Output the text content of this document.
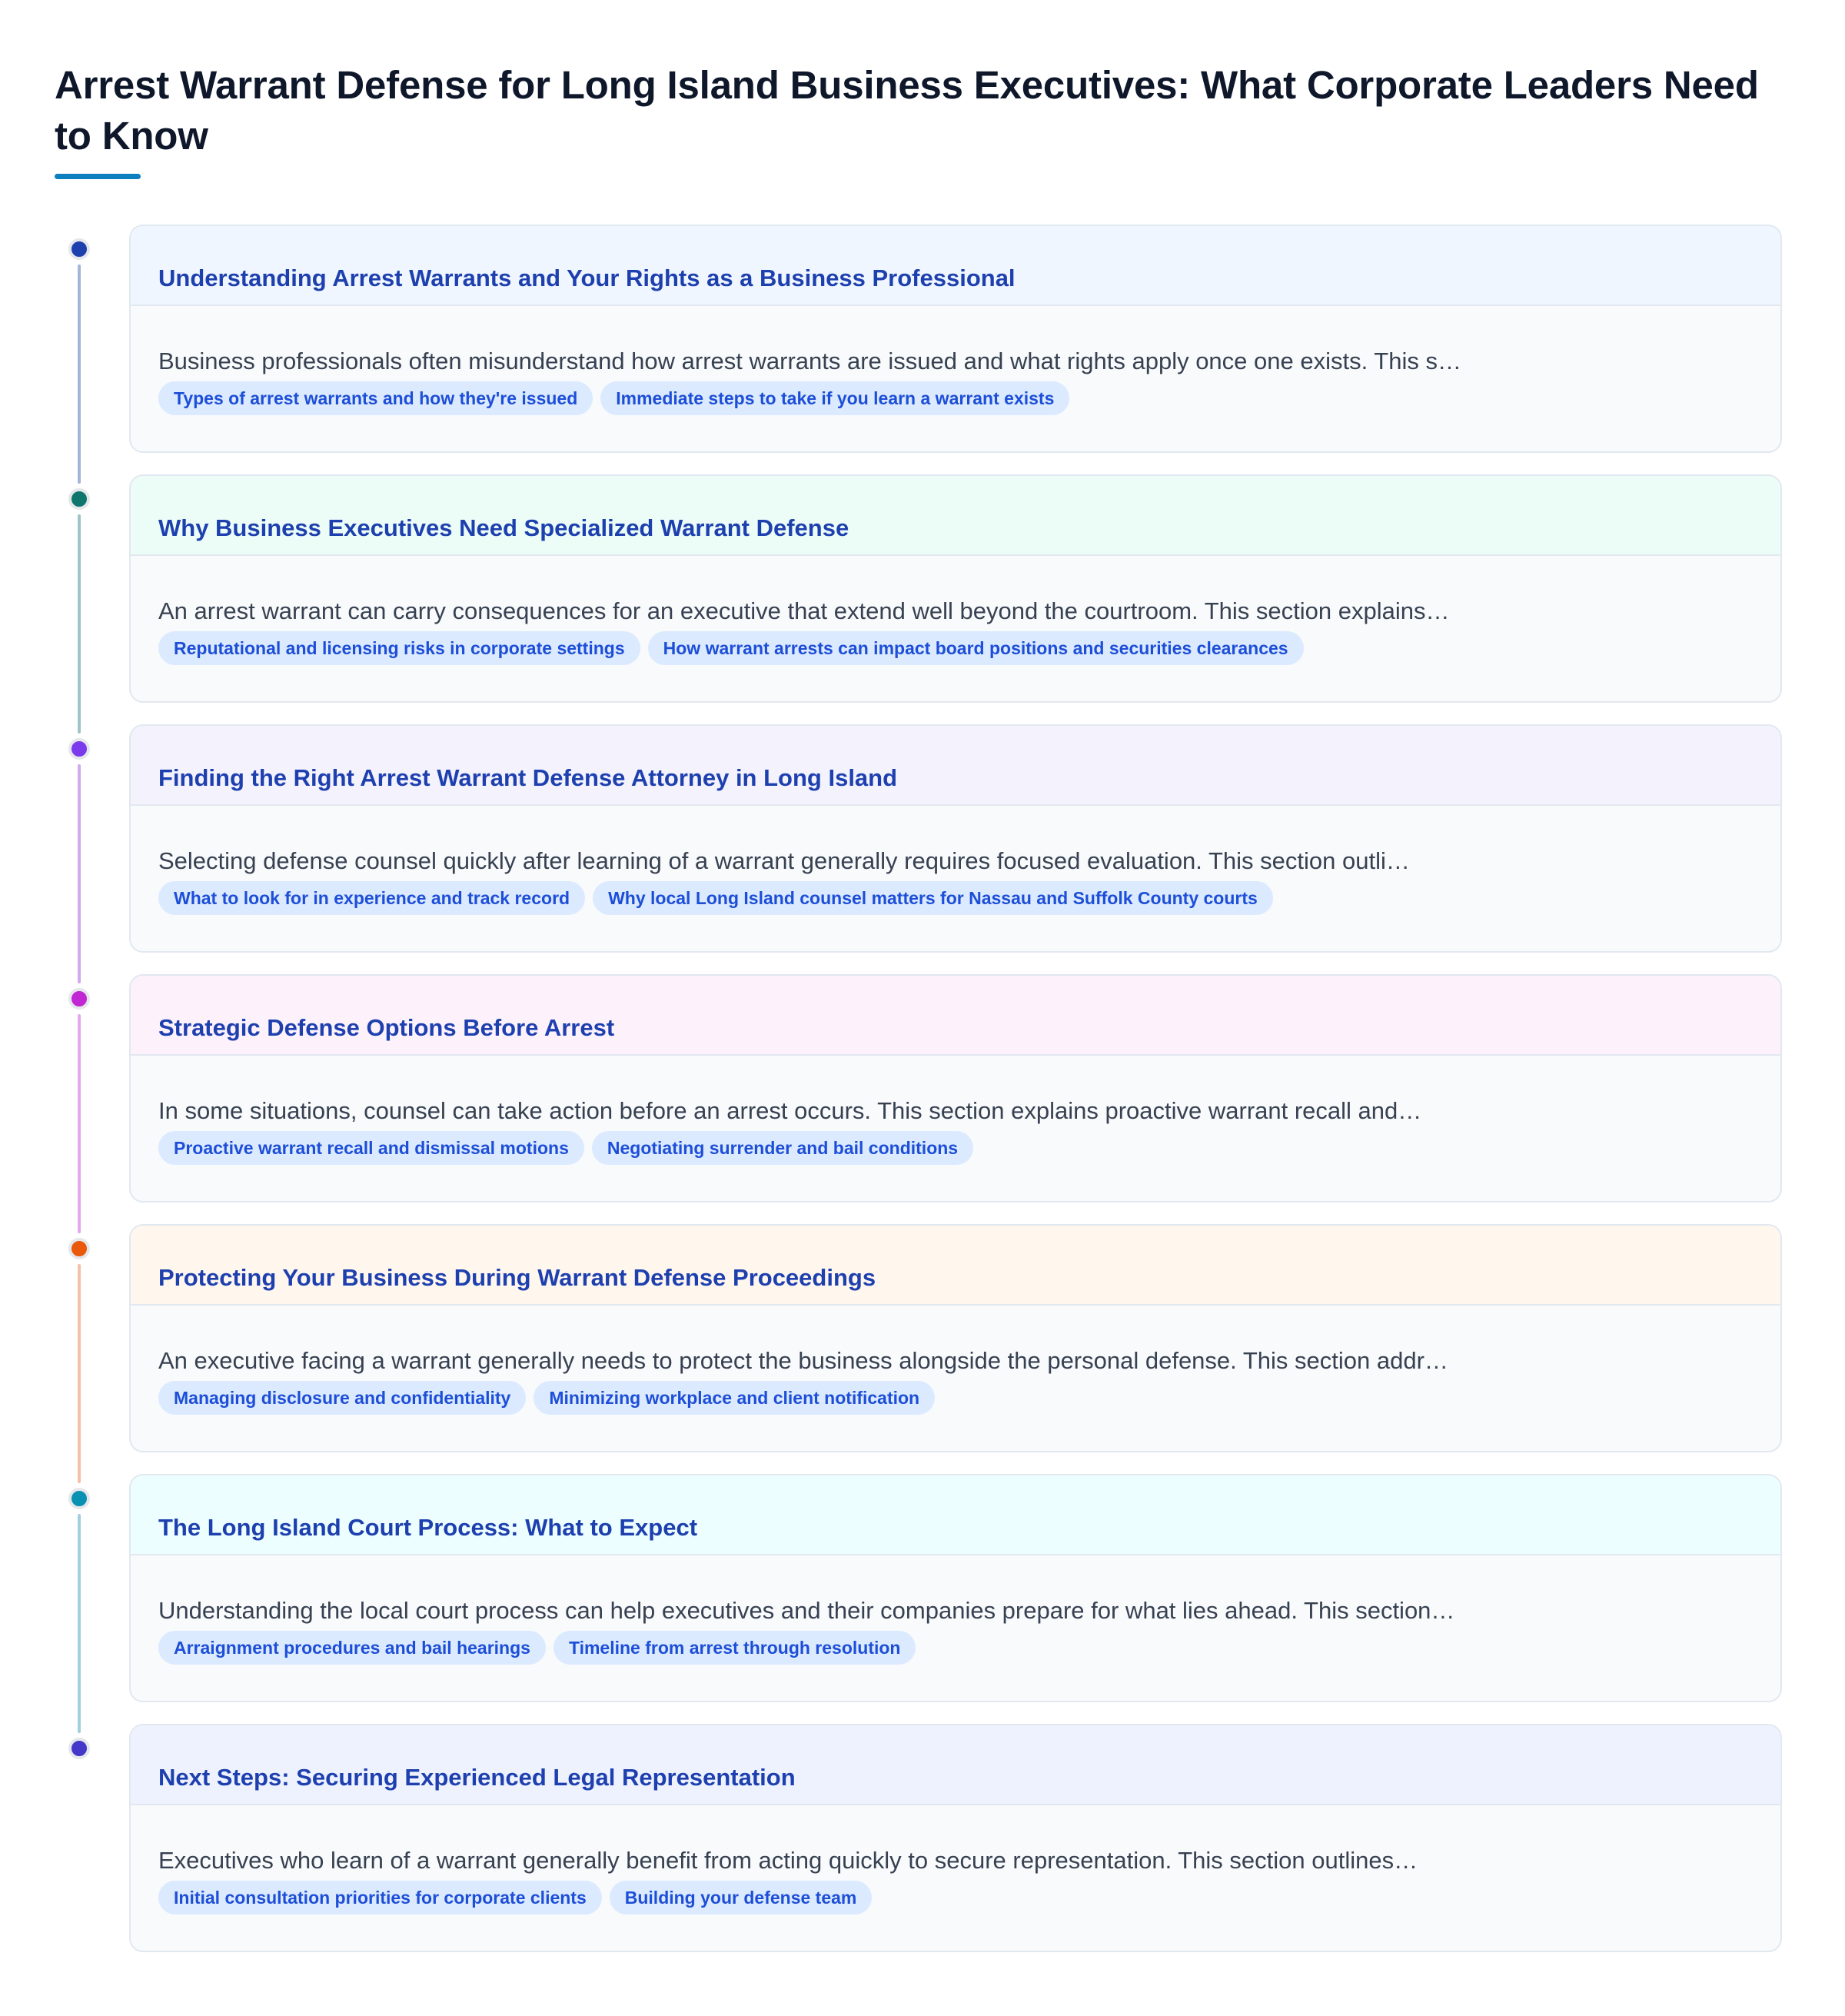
Arrest Warrant Defense for Long Island Business Executives: What Corporate Leaders Need to Know
Understanding Arrest Warrants and Your Rights as a Business Professional
Business professionals often misunderstand how arrest warrants are issued and what rights apply once one exists. This s…
Types of arrest warrants and how they're issued	Immediate steps to take if you learn a warrant exists
Why Business Executives Need Specialized Warrant Defense
An arrest warrant can carry consequences for an executive that extend well beyond the courtroom. This section explains…
Reputational and licensing risks in corporate settings	How warrant arrests can impact board positions and securities clearances
Finding the Right Arrest Warrant Defense Attorney in Long Island
Selecting defense counsel quickly after learning of a warrant generally requires focused evaluation. This section outli…
What to look for in experience and track record	Why local Long Island counsel matters for Nassau and Suffolk County courts
Strategic Defense Options Before Arrest
In some situations, counsel can take action before an arrest occurs. This section explains proactive warrant recall and…
Proactive warrant recall and dismissal motions	Negotiating surrender and bail conditions
Protecting Your Business During Warrant Defense Proceedings
An executive facing a warrant generally needs to protect the business alongside the personal defense. This section addr…
Managing disclosure and confidentiality	Minimizing workplace and client notification
The Long Island Court Process: What to Expect
Understanding the local court process can help executives and their companies prepare for what lies ahead. This section…
Arraignment procedures and bail hearings	Timeline from arrest through resolution
Next Steps: Securing Experienced Legal Representation
Executives who learn of a warrant generally benefit from acting quickly to secure representation. This section outlines…
Initial consultation priorities for corporate clients	Building your defense team
